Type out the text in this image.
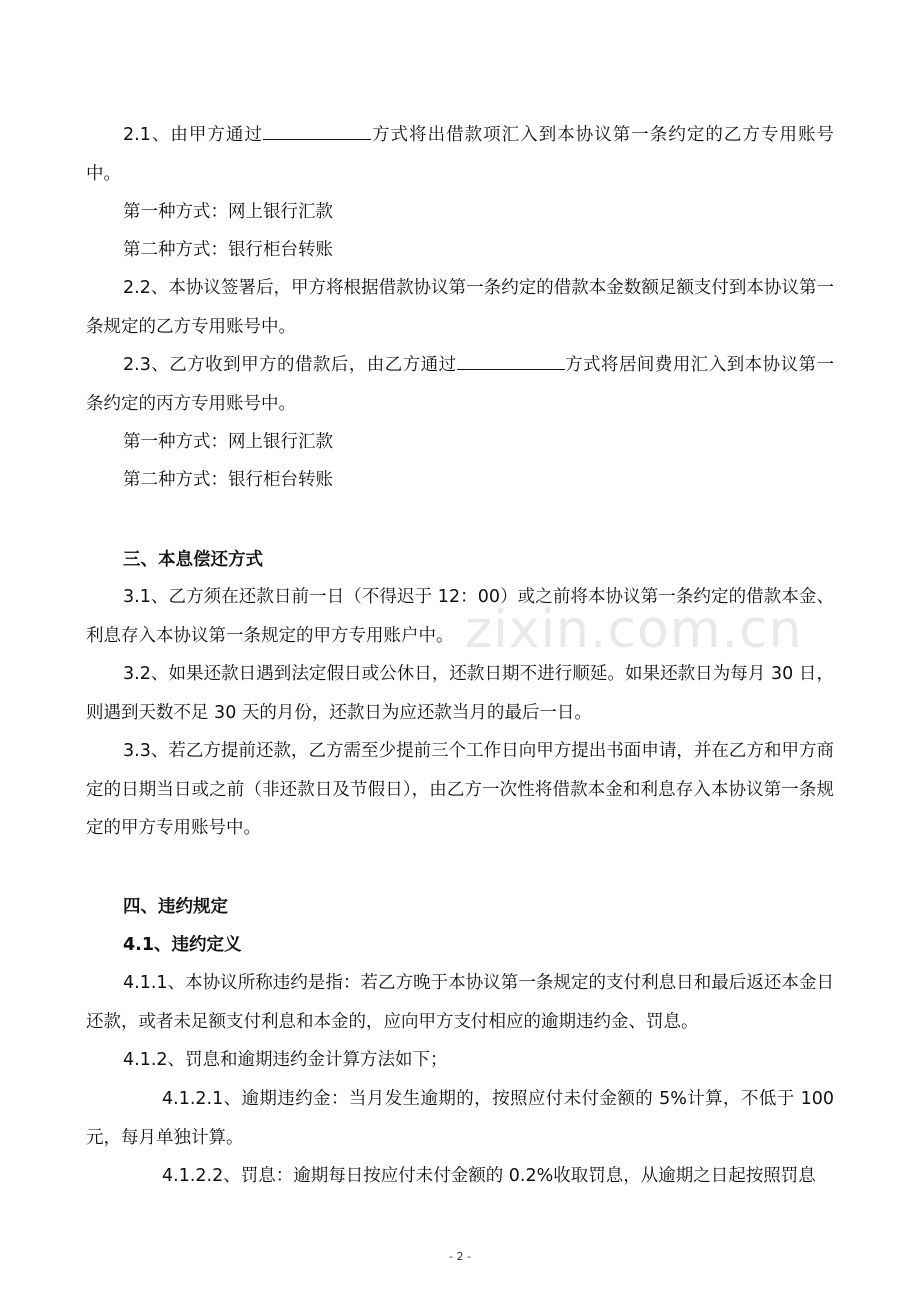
2.1、由甲方通过	方式将出借款项汇入到本协议第一条约定的乙方专用账号中。

第一种方式：网上银行汇款

第二种方式：银行柜台转账

2.2、本协议签署后，甲方将根据借款协议第一条约定的借款本金数额足额支付到本协议第一条规定的乙方专用账号中。

2.3、乙方收到甲方的借款后，由乙方通过	方式将居间费用汇入到本协议第一条约定的丙方专用账号中。

第一种方式：网上银行汇款

第二种方式：银行柜台转账

三、本息偿还方式

3.1、乙方须在还款日前一日（不得迟于 12：00）或之前将本协议第一条约定的借款本金、利息存入本协议第一条规定的甲方专用账户中。

3.2、如果还款日遇到法定假日或公休日，还款日期不进行顺延。如果还款日为每月 30 日，则遇到天数不足 30 天的月份，还款日为应还款当月的最后一日。

3.3、若乙方提前还款，乙方需至少提前三个工作日向甲方提出书面申请，并在乙方和甲方商定的日期当日或之前（非还款日及节假日），由乙方一次性将借款本金和利息存入本协议第一条规定的甲方专用账号中。

四、违约规定

4.1、违约定义

4.1.1、本协议所称违约是指：若乙方晚于本协议第一条规定的支付利息日和最后返还本金日还款，或者未足额支付利息和本金的，应向甲方支付相应的逾期违约金、罚息。

4.1.2、罚息和逾期违约金计算方法如下；

4.1.2.1、逾期违约金：当月发生逾期的，按照应付未付金额的 5%计算，不低于 100 元，每月单独计算。

4.1.2.2、罚息：逾期每日按应付未付金额的 0.2%收取罚息，从逾期之日起按照罚息

zixin.com.cn
- 2 -
